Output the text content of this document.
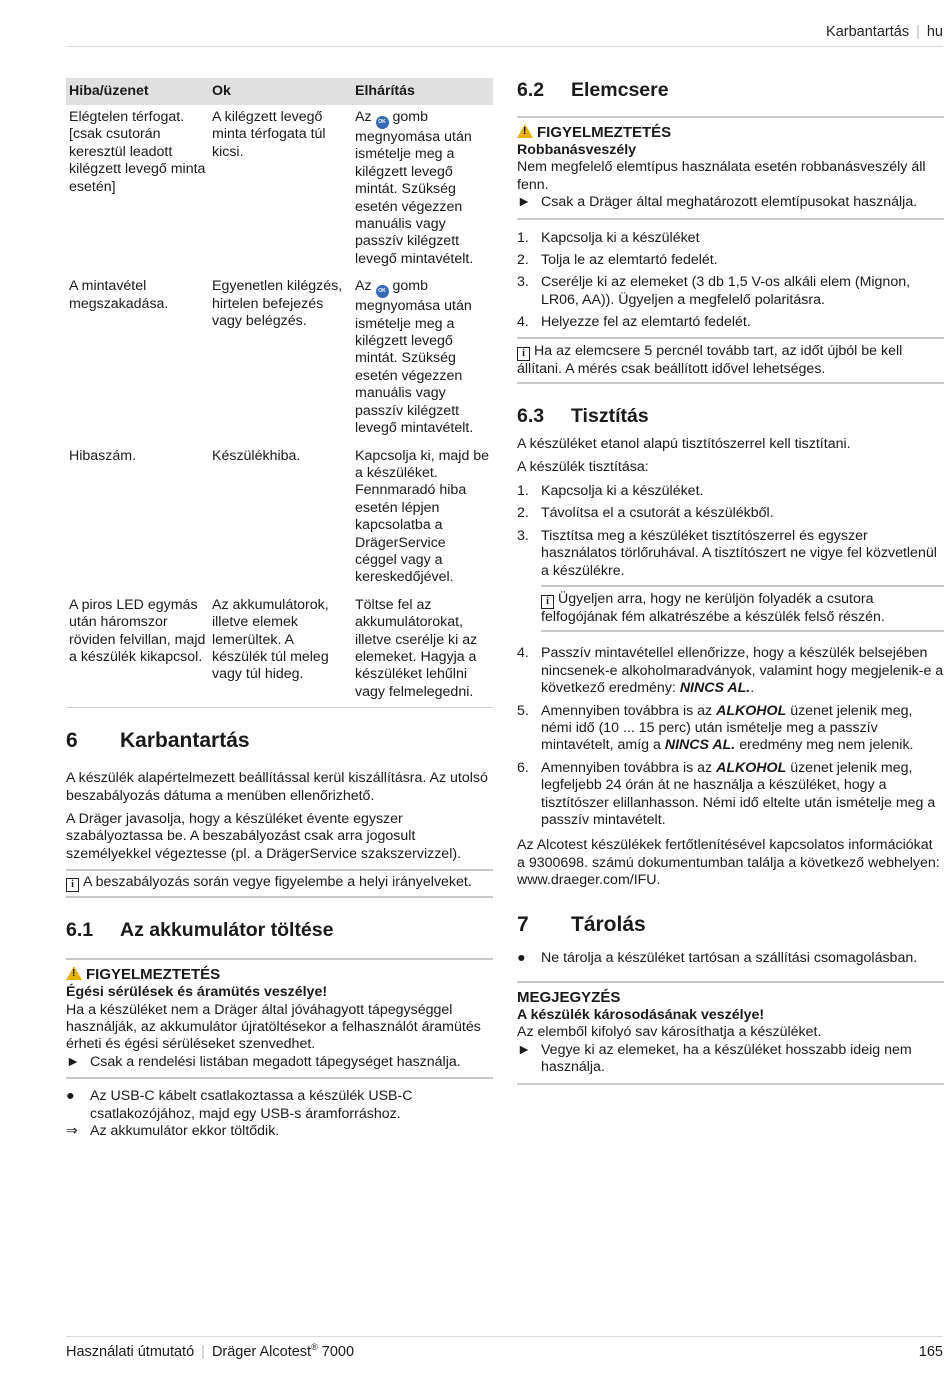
Karbantartás | hu
Hiba/üzenet	Ok	Elhárítás
Elégtelen térfogat. [csak csutorán keresztül leadott kilégzett levegő minta esetén]	A kilégzett levegő minta térfogata túl kicsi.	Az OK gomb megnyomása után ismételje meg a kilégzett levegő mintát. Szükség esetén végezzen manuális vagy passzív kilégzett levegő mintavételt.
A mintavétel megszakadása.	Egyenetlen kilégzés, hirtelen befejezés vagy belégzés.	Az OK gomb megnyomása után ismételje meg a kilégzett levegő mintát. Szükség esetén végezzen manuális vagy passzív kilégzett levegő mintavételt.
Hibaszám.	Készülékhiba.	Kapcsolja ki, majd be a készüléket. Fennmaradó hiba esetén lépjen kapcsolatba a DrägerService céggel vagy a kereskedőjével.
A piros LED egymás után háromszor röviden felvillan, majd a készülék kikapcsol.	Az akkumulátorok, illetve elemek lemerültek. A készülék túl meleg vagy túl hideg.	Töltse fel az akkumulátorokat, illetve cserélje ki az elemeket. Hagyja a készüléket lehűlni vagy felmelegedni.
6 Karbantartás

A készülék alapértelmezett beállítással kerül kiszállításra. Az utolsó beszabályozás dátuma a menüben ellenőrizhető.

A Dräger javasolja, hogy a készüléket évente egyszer szabályoztassa be. A beszabályozást csak arra jogosult személyekkel végeztesse (pl. a DrägerService szakszervizzel).

i A beszabályozás során vegye figyelembe a helyi irányelveket.
6.1 Az akkumulátor töltése
!FIGYELMEZTETÉS

Égési sérülések és áramütés veszélye!

Ha a készüléket nem a Dräger által jóváhagyott tápegységgel használják, az akkumulátor újratöltésekor a felhasználót áramütés érheti és égési sérüléseket szenvedhet.

► Csak a rendelési listában megadott tápegységet használja.
● Az USB-C kábelt csatlakoztassa a készülék USB-C csatlakozójához, majd egy USB-s áramforráshoz.
⇒ Az akkumulátor ekkor töltődik.
6.2 Elemcsere
!FIGYELMEZTETÉS

Robbanásveszély

Nem megfelelő elemtípus használata esetén robbanásveszély áll fenn.

► Csak a Dräger által meghatározott elemtípusokat használja.
1. Kapcsolja ki a készüléket
2. Tolja le az elemtartó fedelét.
3. Cserélje ki az elemeket (3 db 1,5 V-os alkáli elem (Mignon, LR06, AA)). Ügyeljen a megfelelő polaritásra.
4. Helyezze fel az elemtartó fedelét.
i Ha az elemcsere 5 percnél tovább tart, az időt újból be kell állítani. A mérés csak beállított idővel lehetséges.
6.3 Tisztítás

A készüléket etanol alapú tisztítószerrel kell tisztítani.

A készülék tisztítása:

1. Kapcsolja ki a készüléket.
2. Távolítsa el a csutorát a készülékből.
3. Tisztítsa meg a készüléket tisztítószerrel és egyszer használatos törlőruhával. A tisztítószert ne vigye fel közvetlenül a készülékre.
i Ügyeljen arra, hogy ne kerüljön folyadék a csutora felfogójának fém alkatrészébe a készülék felső részén.
4. Passzív mintavétellel ellenőrizze, hogy a készülék belsejében nincsenek-e alkoholmaradványok, valamint hogy megjelenik-e a következő eredmény: NINCS AL..
5. Amennyiben továbbra is az ALKOHOL üzenet jelenik meg, némi idő (10 ... 15 perc) után ismételje meg a passzív mintavételt, amíg a NINCS AL. eredmény meg nem jelenik.
6. Amennyiben továbbra is az ALKOHOL üzenet jelenik meg, legfeljebb 24 órán át ne használja a készüléket, hogy a tisztítószer elillanhasson. Némi idő eltelte után ismételje meg a passzív mintavételt.

Az Alcotest készülékek fertőtlenítésével kapcsolatos információkat a 9300698. számú dokumentumban találja a következő webhelyen: www.draeger.com/IFU.

7 Tárolás
● Ne tárolja a készüléket tartósan a szállítási csomagolásban.
MEGJEGYZÉS

A készülék károsodásának veszélye!

Az elemből kifolyó sav károsíthatja a készüléket.

► Vegye ki az elemeket, ha a készüléket hosszabb ideig nem használja.
Használati útmutató | Dräger Alcotest® 7000	165
